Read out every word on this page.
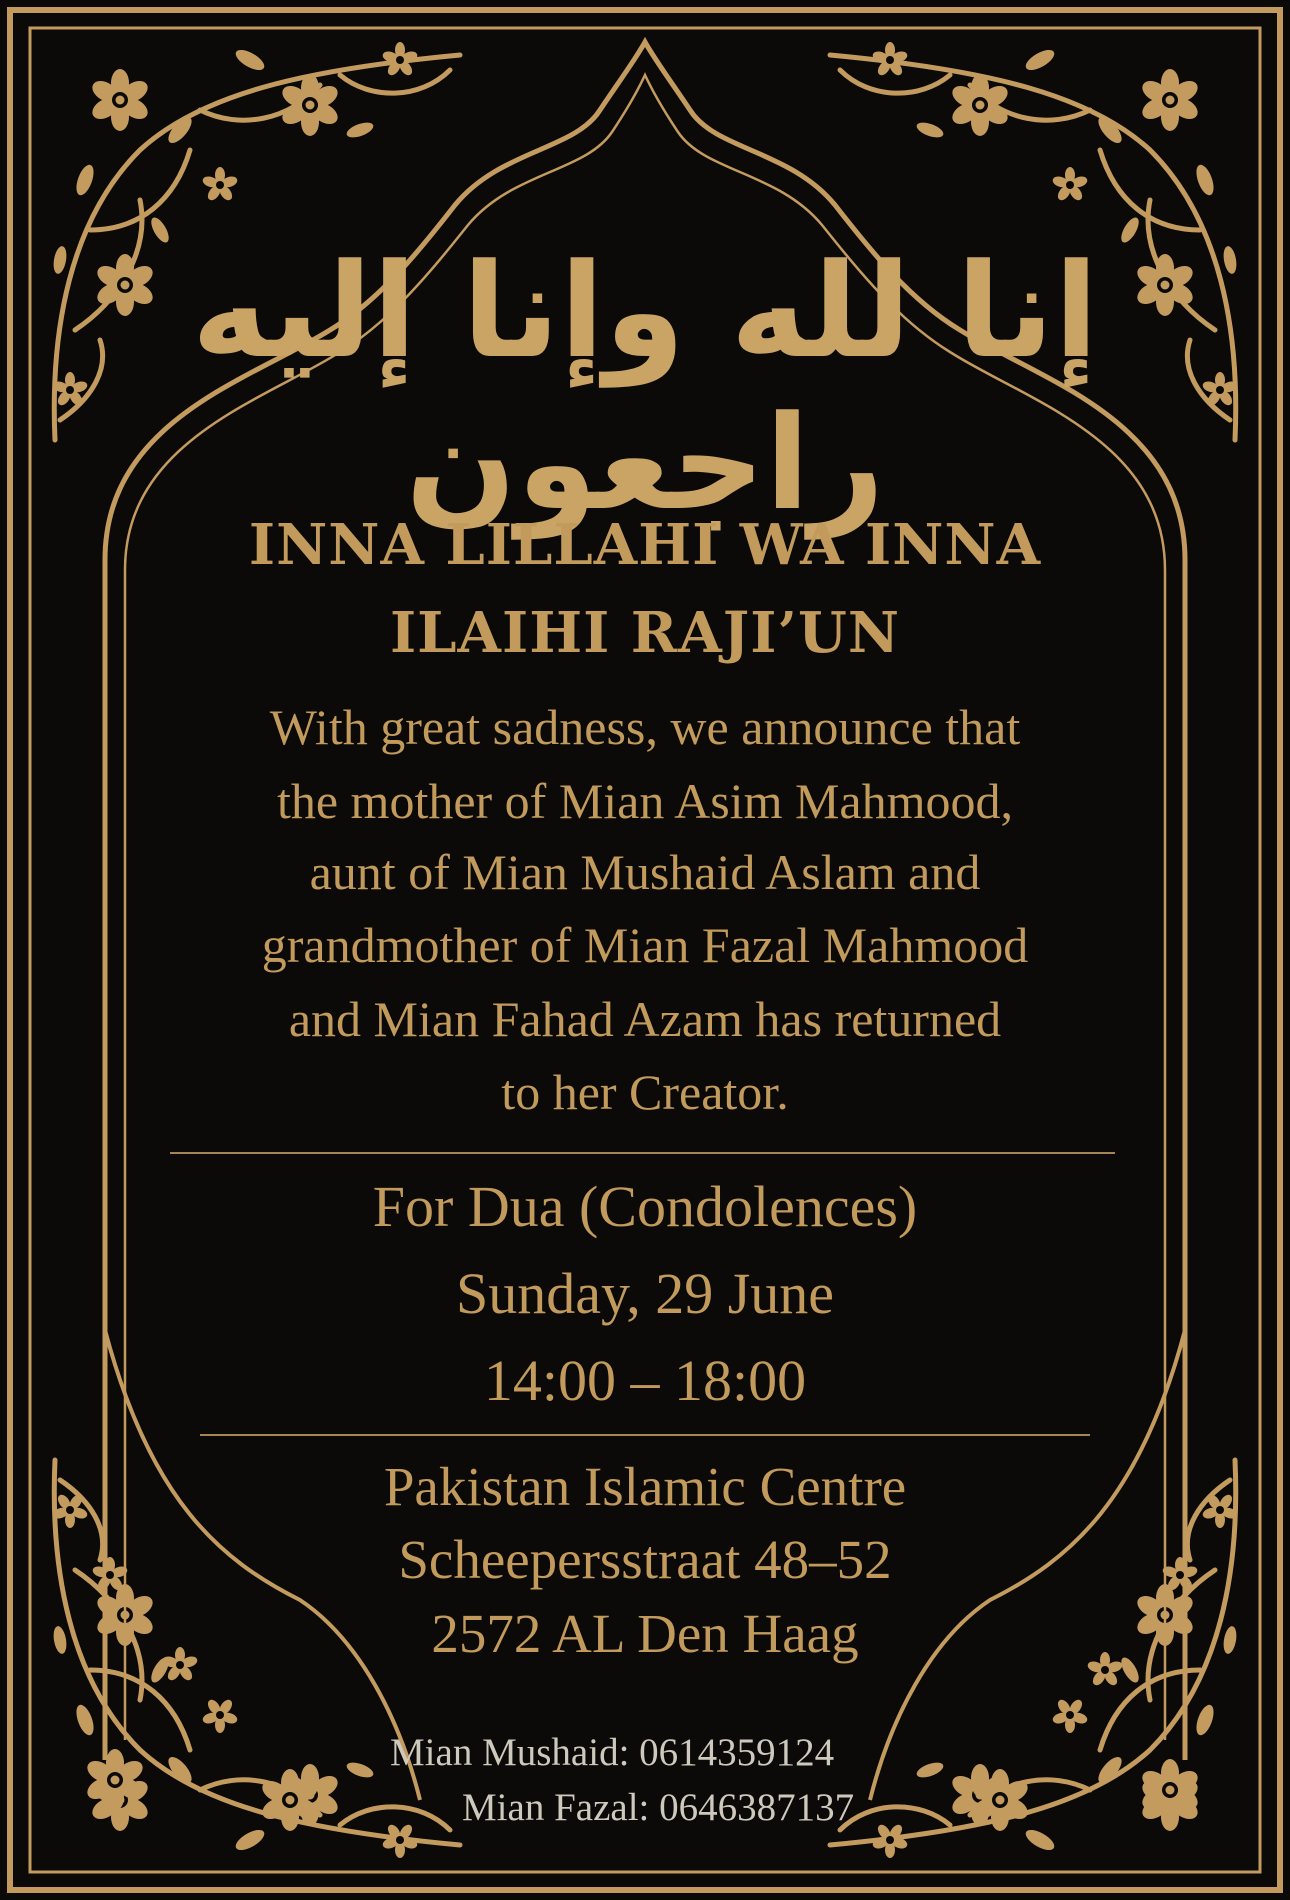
إنا لله وإنا إليه راجعون

INNA LILLAHI WA INNA

ILAIHI RAJI’UN

With great sadness, we announce that

the mother of Mian Asim Mahmood,

aunt of Mian Mushaid Aslam and

grandmother of Mian Fazal Mahmood

and Mian Fahad Azam has returned

to her Creator.

For Dua (Condolences)

Sunday, 29 June

14:00 – 18:00

Pakistan Islamic Centre

Scheepersstraat 48–52

2572 AL Den Haag

Mian Mushaid: 0614359124

Mian Fazal: 0646387137
